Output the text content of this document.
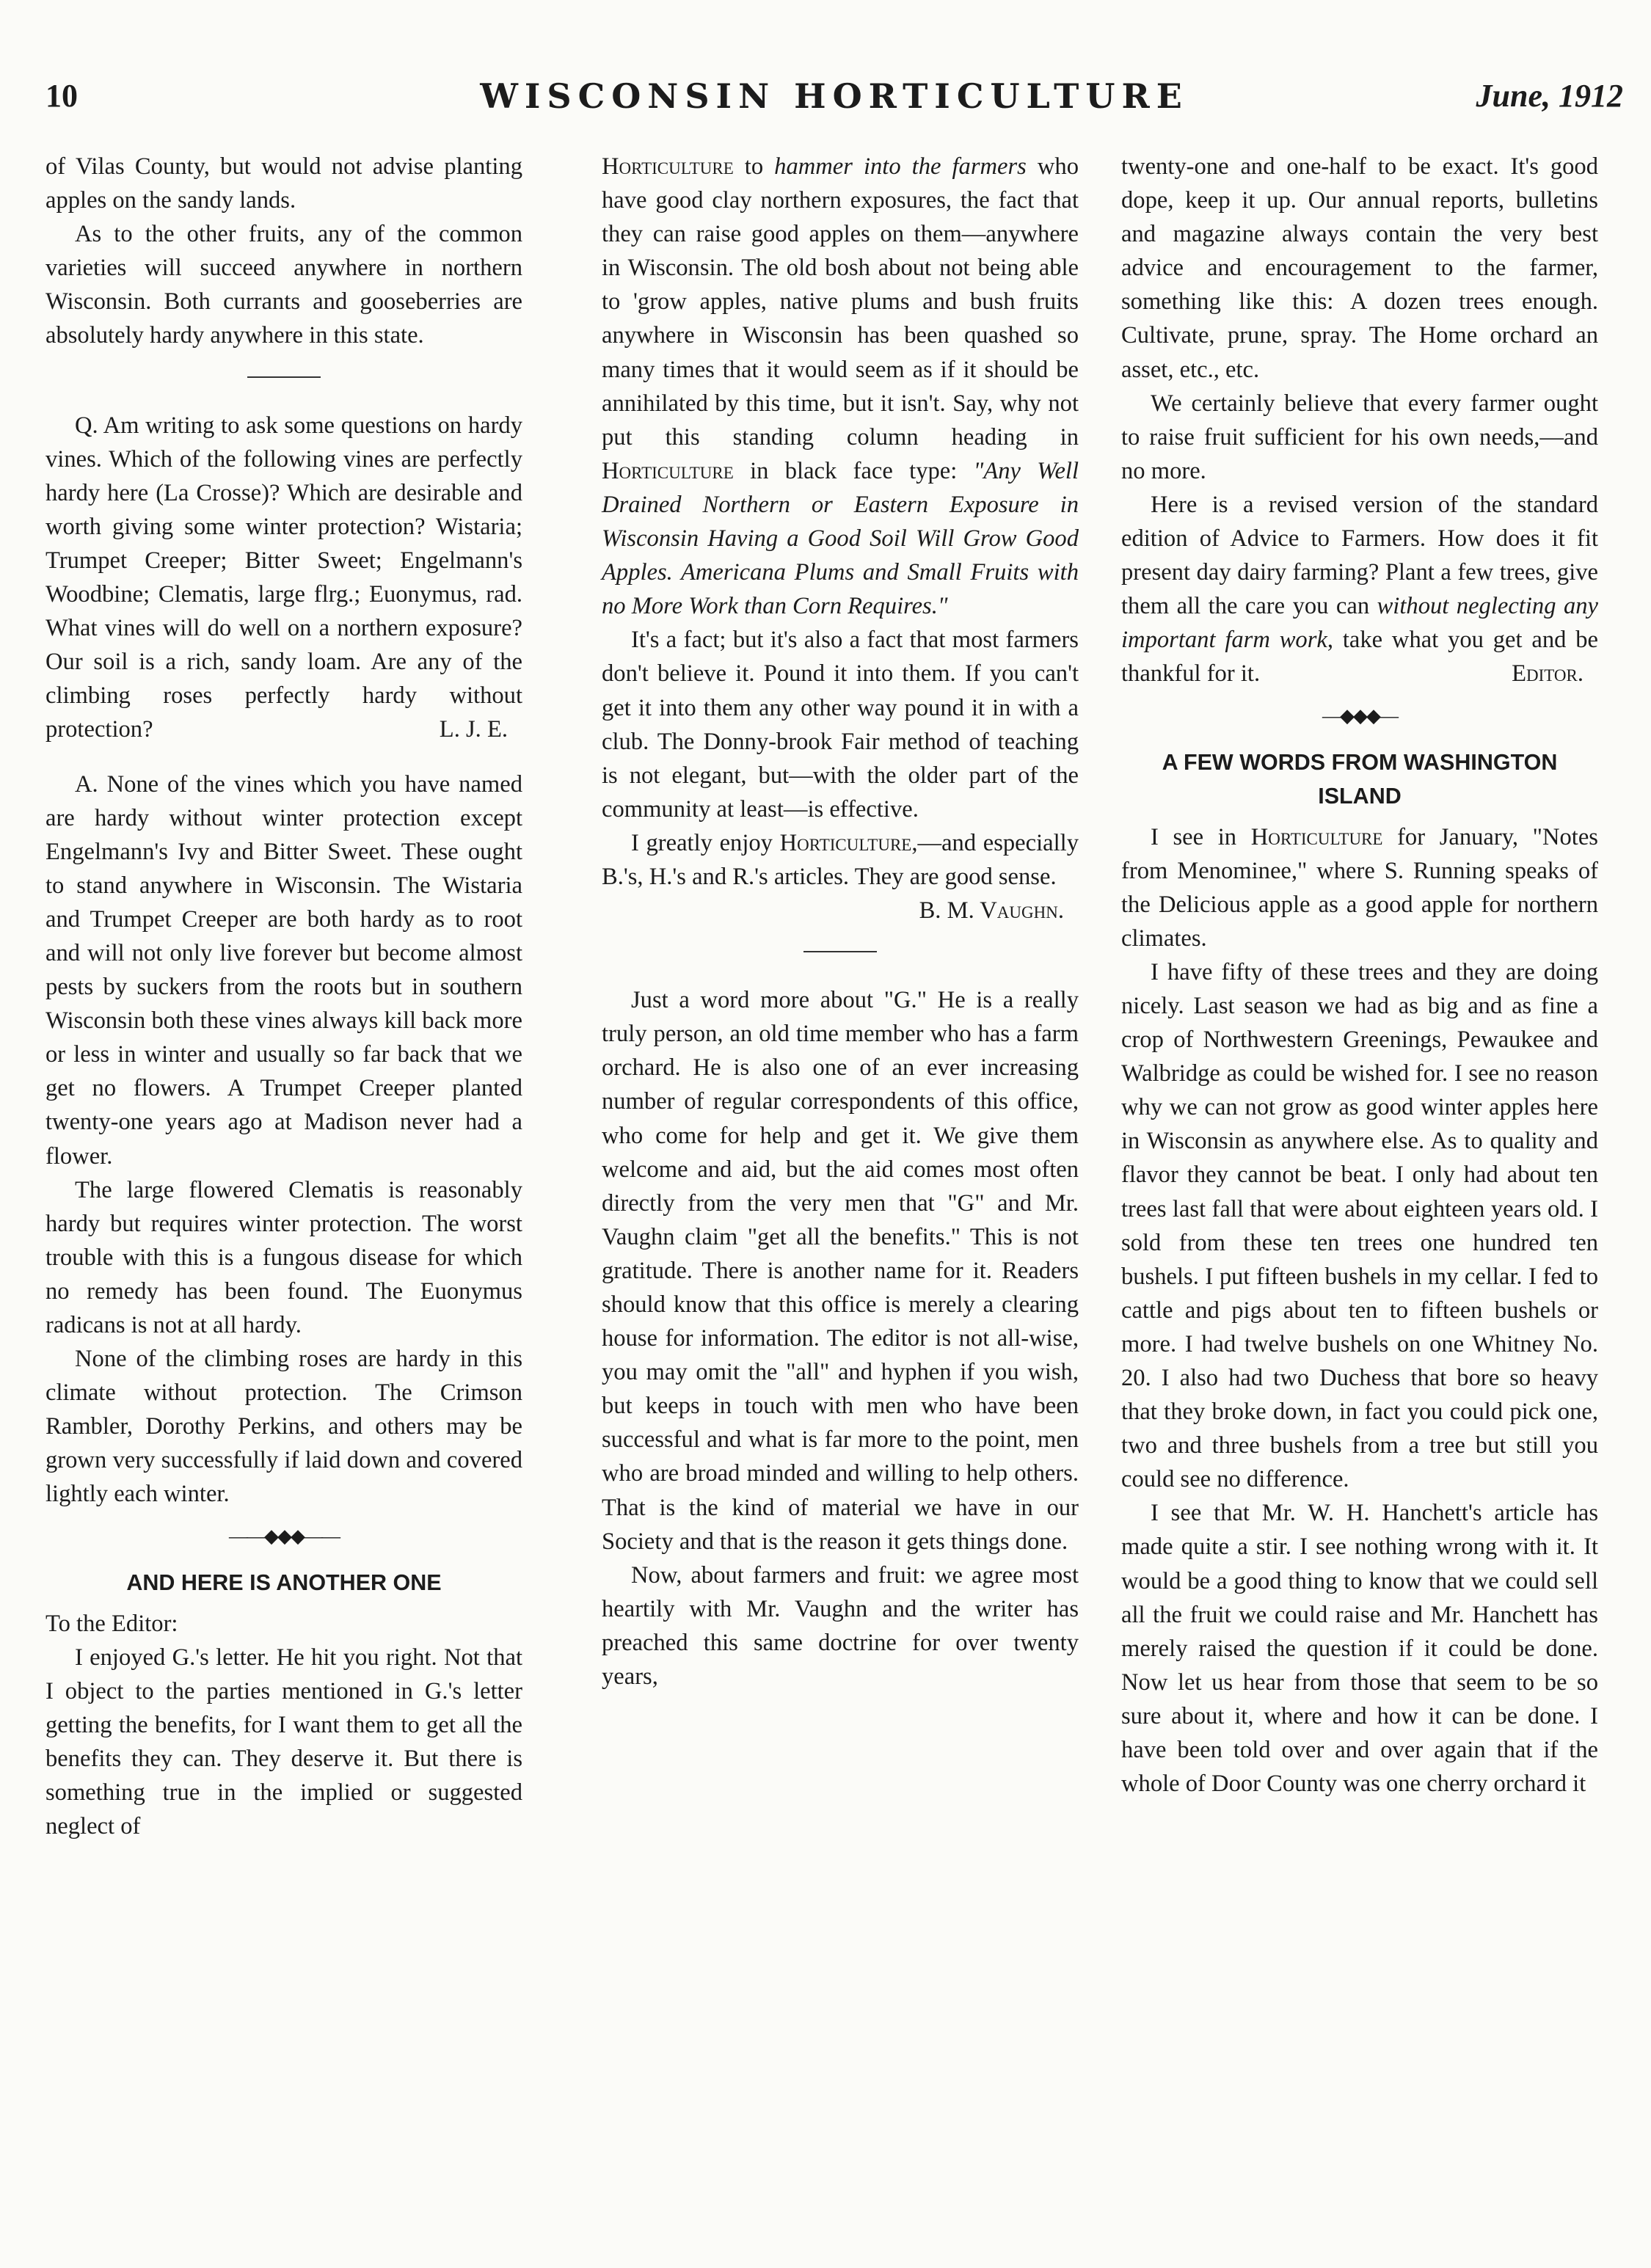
10	WISCONSIN HORTICULTURE	June, 1912

of Vilas County, but would not advise planting apples on the sandy lands.

As to the other fruits, any of the common varieties will succeed anywhere in northern Wisconsin. Both currants and gooseberries are absolutely hardy anywhere in this state.

Q. Am writing to ask some questions on hardy vines. Which of the following vines are perfectly hardy here (La Crosse)? Which are desirable and worth giving some winter protection? Wistaria; Trumpet Creeper; Bitter Sweet; Engelmann's Woodbine; Clematis, large flrg.; Euonymus, rad. What vines will do well on a northern exposure? Our soil is a rich, sandy loam. Are any of the climbing roses perfectly hardy without protection?	L. J. E.

A. None of the vines which you have named are hardy without winter protection except Engelmann's Ivy and Bitter Sweet. These ought to stand anywhere in Wisconsin. The Wistaria and Trumpet Creeper are both hardy as to root and will not only live forever but become almost pests by suckers from the roots but in southern Wisconsin both these vines always kill back more or less in winter and usually so far back that we get no flowers. A Trumpet Creeper planted twenty-one years ago at Madison never had a flower.

The large flowered Clematis is reasonably hardy but requires winter protection. The worst trouble with this is a fungous disease for which no remedy has been found. The Euonymus radicans is not at all hardy.

None of the climbing roses are hardy in this climate without protection. The Crimson Rambler, Dorothy Perkins, and others may be grown very successfully if laid down and covered lightly each winter.

——◆◆◆——
AND HERE IS ANOTHER ONE

To the Editor:

I enjoyed G.'s letter. He hit you right. Not that I object to the parties mentioned in G.'s letter getting the benefits, for I want them to get all the benefits they can. They deserve it. But there is something true in the implied or suggested neglect of

Horticulture to hammer into the farmers who have good clay northern exposures, the fact that they can raise good apples on them—anywhere in Wisconsin. The old bosh about not being able to 'grow apples, native plums and bush fruits anywhere in Wisconsin has been quashed so many times that it would seem as if it should be annihilated by this time, but it isn't. Say, why not put this standing column heading in Horticulture in black face type: "Any Well Drained Northern or Eastern Exposure in Wisconsin Having a Good Soil Will Grow Good Apples. Americana Plums and Small Fruits with no More Work than Corn Requires."

It's a fact; but it's also a fact that most farmers don't believe it. Pound it into them. If you can't get it into them any other way pound it in with a club. The Donny-brook Fair method of teaching is not elegant, but—with the older part of the community at least—is effective.

I greatly enjoy Horticulture,—and especially B.'s, H.'s and R.'s articles. They are good sense.

B. M. Vaughn.

Just a word more about "G." He is a really truly person, an old time member who has a farm orchard. He is also one of an ever increasing number of regular correspondents of this office, who come for help and get it. We give them welcome and aid, but the aid comes most often directly from the very men that "G" and Mr. Vaughn claim "get all the benefits." This is not gratitude. There is another name for it. Readers should know that this office is merely a clearing house for information. The editor is not all-wise, you may omit the "all" and hyphen if you wish, but keeps in touch with men who have been successful and what is far more to the point, men who are broad minded and willing to help others. That is the kind of material we have in our Society and that is the reason it gets things done.

Now, about farmers and fruit: we agree most heartily with Mr. Vaughn and the writer has preached this same doctrine for over twenty years,

twenty-one and one-half to be exact. It's good dope, keep it up. Our annual reports, bulletins and magazine always contain the very best advice and encouragement to the farmer, something like this: A dozen trees enough. Cultivate, prune, spray. The Home orchard an asset, etc., etc.

We certainly believe that every farmer ought to raise fruit sufficient for his own needs,—and no more.

Here is a revised version of the standard edition of Advice to Farmers. How does it fit present day dairy farming? Plant a few trees, give them all the care you can without neglecting any important farm work, take what you get and be thankful for it.	Editor.

—◆◆◆—
A FEW WORDS FROM WASHINGTON ISLAND

I see in Horticulture for January, "Notes from Menominee," where S. Running speaks of the Delicious apple as a good apple for northern climates.

I have fifty of these trees and they are doing nicely. Last season we had as big and as fine a crop of Northwestern Greenings, Pewaukee and Walbridge as could be wished for. I see no reason why we can not grow as good winter apples here in Wisconsin as anywhere else. As to quality and flavor they cannot be beat. I only had about ten trees last fall that were about eighteen years old. I sold from these ten trees one hundred ten bushels. I put fifteen bushels in my cellar. I fed to cattle and pigs about ten to fifteen bushels or more. I had twelve bushels on one Whitney No. 20. I also had two Duchess that bore so heavy that they broke down, in fact you could pick one, two and three bushels from a tree but still you could see no difference.

I see that Mr. W. H. Hanchett's article has made quite a stir. I see nothing wrong with it. It would be a good thing to know that we could sell all the fruit we could raise and Mr. Hanchett has merely raised the question if it could be done. Now let us hear from those that seem to be so sure about it, where and how it can be done. I have been told over and over again that if the whole of Door County was one cherry orchard it
